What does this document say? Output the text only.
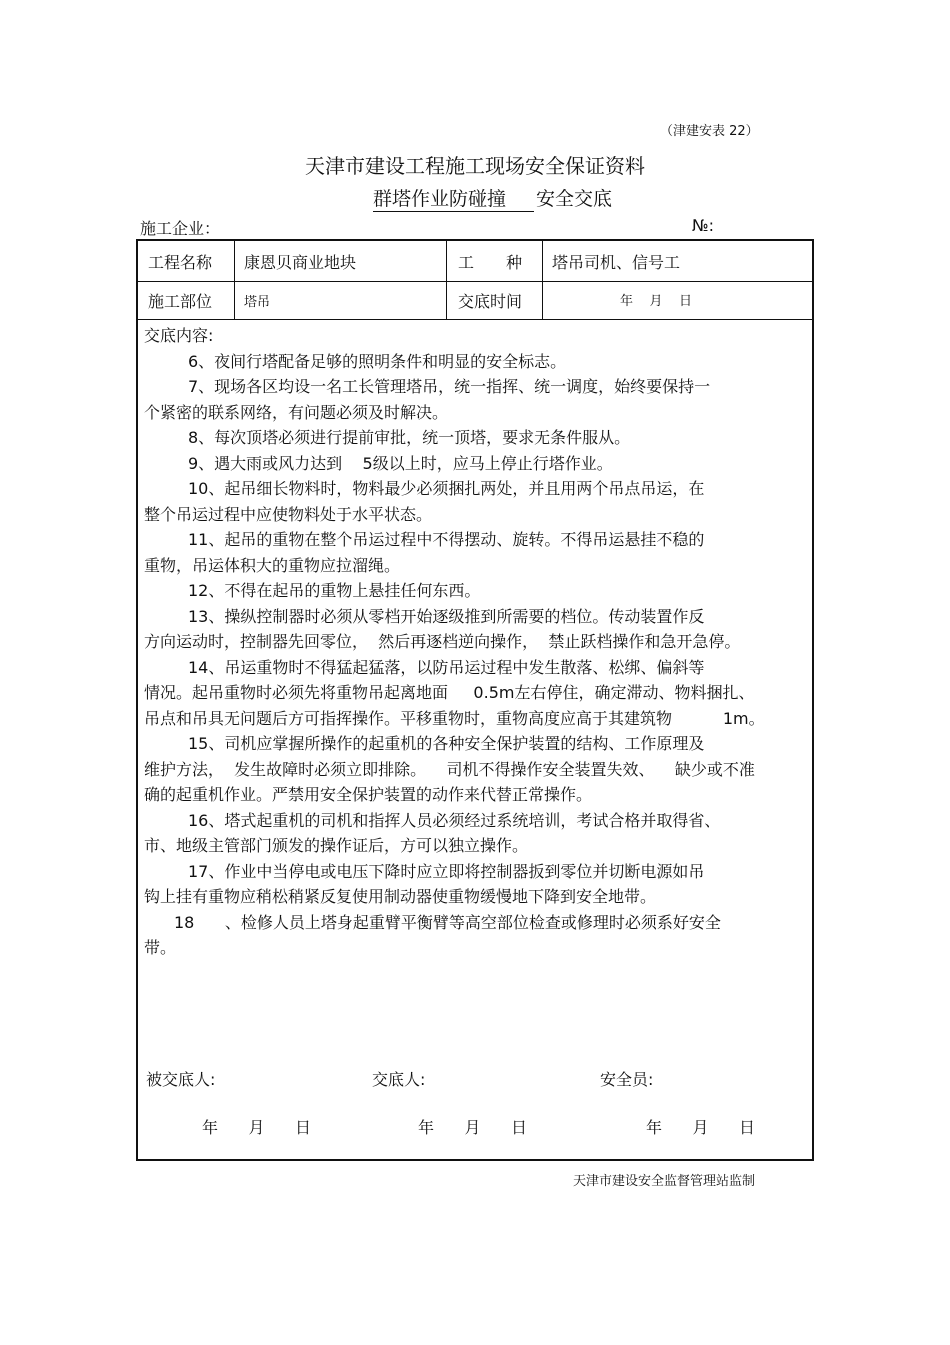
（津建安表 22）
天津市建设工程施工现场安全保证资料
群塔作业防碰撞 安全交底
施工企业：	№:
工程名称 康恩贝商业地块	工　　种 塔吊司机、信号工
施工部位 塔吊	交底时间	年    月    日

交底内容:

6、夜间行塔配备足够的照明条件和明显的安全标志。

7、现场各区均设一名工长管理塔吊，统一指挥、统一调度，始终要保持一

个紧密的联系网络，有问题必须及时解决。

8、每次顶塔必须进行提前审批，统一顶塔，要求无条件服从。

9、遇大雨或风力达到    5级以上时，应马上停止行塔作业。

10、起吊细长物料时，物料最少必须捆扎两处，并且用两个吊点吊运，在

整个吊运过程中应使物料处于水平状态。

11、起吊的重物在整个吊运过程中不得摆动、旋转。不得吊运悬挂不稳的

重物，吊运体积大的重物应拉溜绳。

12、不得在起吊的重物上悬挂任何东西。

13、操纵控制器时必须从零档开始逐级推到所需要的档位。传动装置作反

方向运动时，控制器先回零位，  然后再逐档逆向操作，  禁止跃档操作和急开急停。

14、吊运重物时不得猛起猛落，以防吊运过程中发生散落、松绑、偏斜等

情况。起吊重物时必须先将重物吊起离地面     0.5m左右停住，确定滞动、物料捆扎、

吊点和吊具无问题后方可指挥操作。平移重物时，重物高度应高于其建筑物          1m。

15、司机应掌握所操作的起重机的各种安全保护装置的结构、工作原理及

维护方法，  发生故障时必须立即排除。    司机不得操作安全装置失效、    缺少或不准

确的起重机作业。严禁用安全保护装置的动作来代替正常操作。

16、塔式起重机的司机和指挥人员必须经过系统培训，考试合格并取得省、

市、地级主管部门颁发的操作证后，方可以独立操作。

17、作业中当停电或电压下降时应立即将控制器扳到零位并切断电源如吊

钩上挂有重物应稍松稍紧反复使用制动器使重物缓慢地下降到安全地带。

18      、检修人员上塔身起重臂平衡臂等高空部位检查或修理时必须系好安全

带。

被交底人:	交底人:	安全员:
年      月      日	年      月      日	年      月      日
天津市建设安全监督管理站监制
